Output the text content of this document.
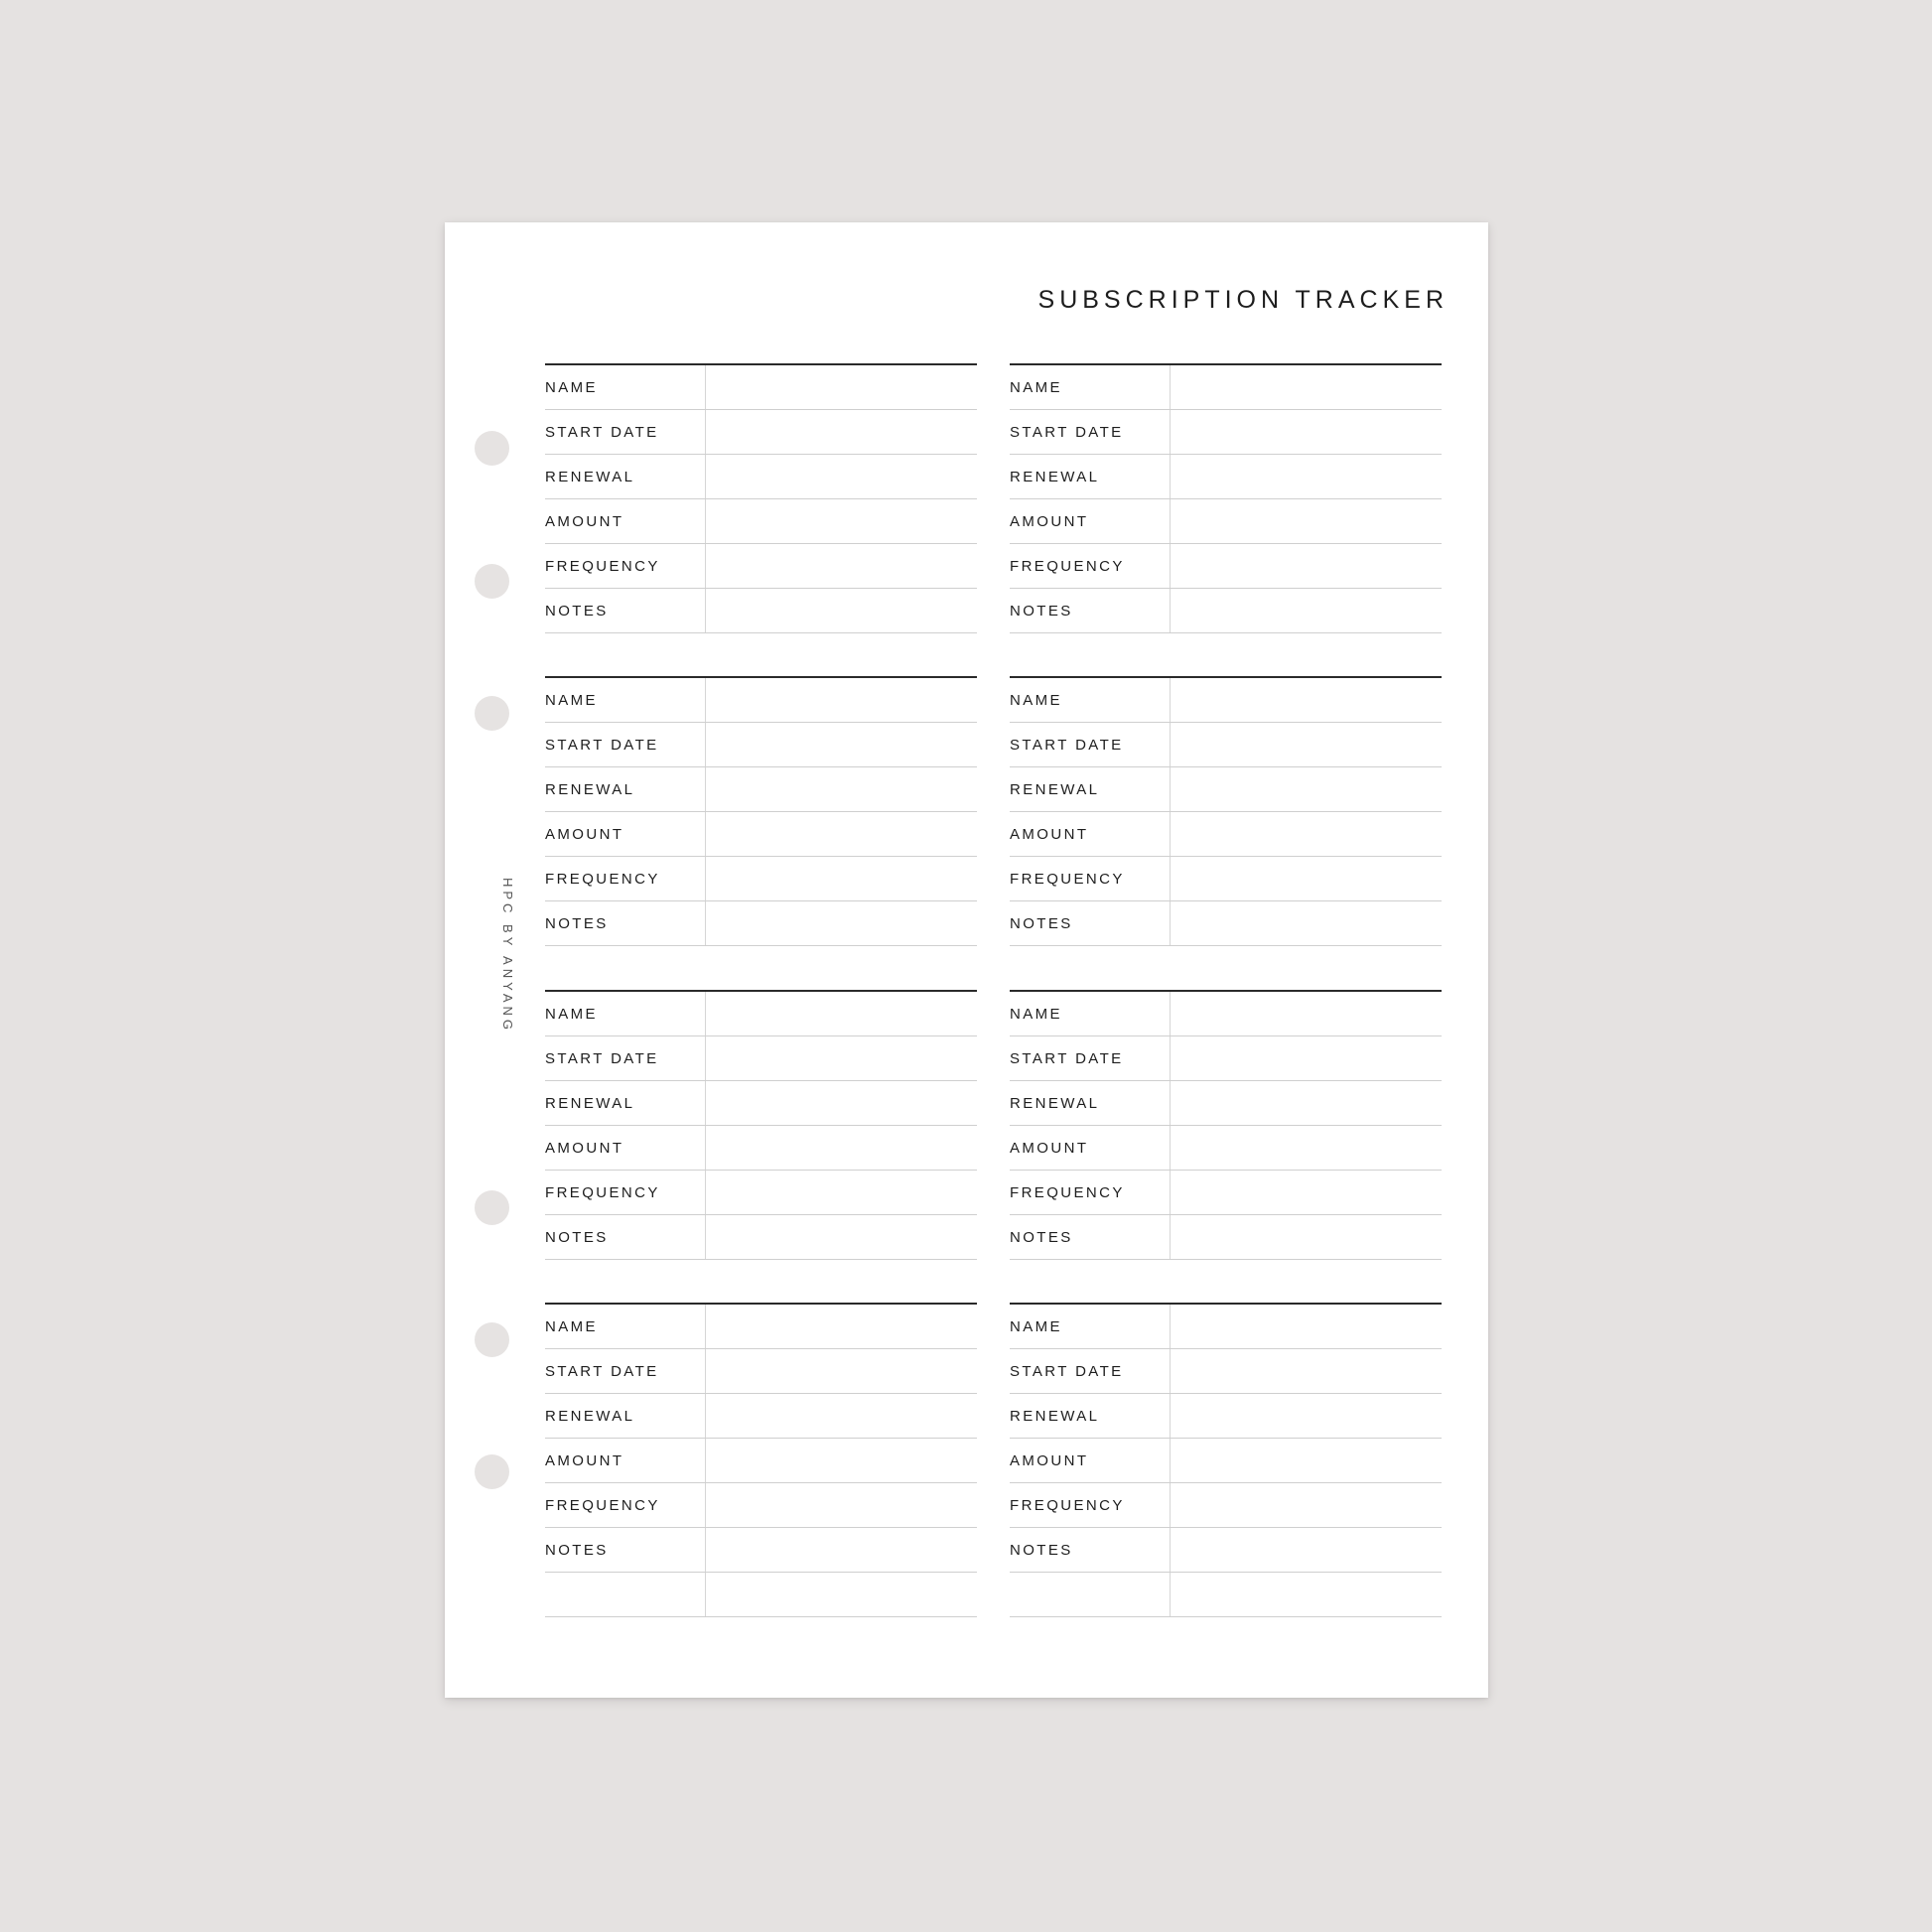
SUBSCRIPTION TRACKER
HPC BY ANYANG
NAME
START DATE
RENEWAL
AMOUNT
FREQUENCY
NOTES
NAME
START DATE
RENEWAL
AMOUNT
FREQUENCY
NOTES
NAME
START DATE
RENEWAL
AMOUNT
FREQUENCY
NOTES
NAME
START DATE
RENEWAL
AMOUNT
FREQUENCY
NOTES
NAME
START DATE
RENEWAL
AMOUNT
FREQUENCY
NOTES
NAME
START DATE
RENEWAL
AMOUNT
FREQUENCY
NOTES
NAME
START DATE
RENEWAL
AMOUNT
FREQUENCY
NOTES
NAME
START DATE
RENEWAL
AMOUNT
FREQUENCY
NOTES
